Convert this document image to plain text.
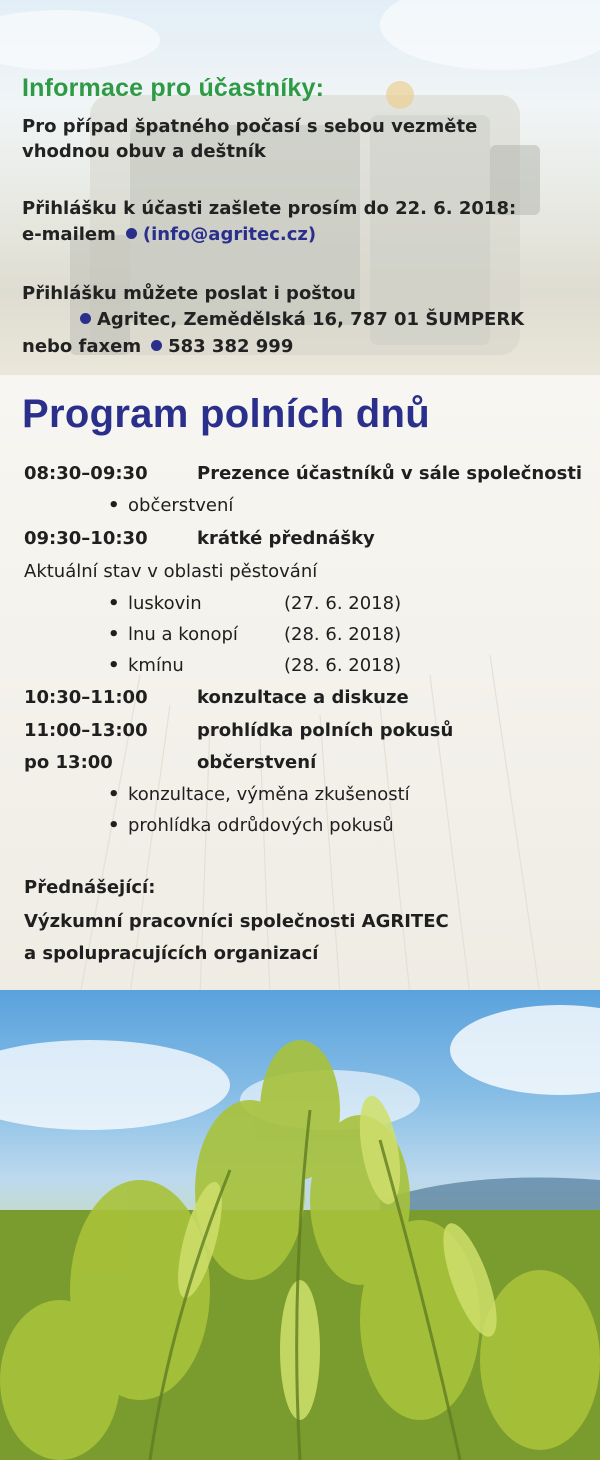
Informace pro účastníky:
Pro případ špatného počasí s sebou vezměte
vhodnou obuv a deštník
Přihlášku k účasti zašlete prosím do 22. 6. 2018:
e-mailem (info@agritec.cz)
Přihlášku můžete poslat i poštou
Agritec, Zemědělská 16, 787 01 ŠUMPERK
nebo faxem 583 382 999
Program polních dnů
08:30–09:30	Prezence účastníků v sále společnosti
• občerstvení
09:30–10:30	krátké přednášky
Aktuální stav v oblasti pěstování
• luskovin	(27. 6. 2018)
• lnu a konopí	(28. 6. 2018)
• kmínu	(28. 6. 2018)
10:30–11:00	konzultace a diskuze
11:00–13:00	prohlídka polních pokusů
po 13:00	občerstvení
• konzultace, výměna zkušeností
• prohlídka odrůdových pokusů
Přednášející:
Výzkumní pracovníci společnosti AGRITEC
a spolupracujících organizací
